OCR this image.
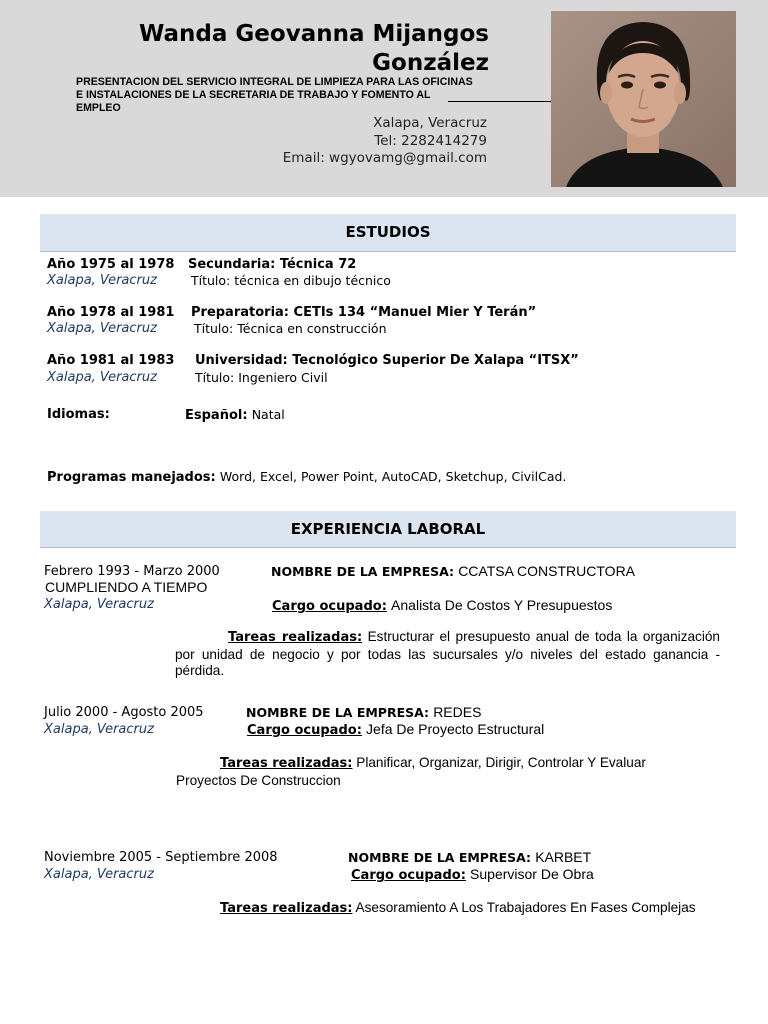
Wanda Geovanna Mijangos
González
PRESENTACION DEL SERVICIO INTEGRAL DE LIMPIEZA PARA LAS OFICINAS E INSTALACIONES DE LA SECRETARIA DE TRABAJO Y FOMENTO AL EMPLEO
Xalapa, Veracruz
Tel: 2282414279
Email: wgyovamg@gmail.com
ESTUDIOS
Año 1975 al 1978 Secundaria: Técnica 72
Xalapa, Veracruz	Título: técnica en dibujo técnico
Año 1978 al 1981 Preparatoria: CETIs 134 “Manuel Mier Y Terán”
Xalapa, Veracruz	Título: Técnica en construcción
Año 1981 al 1983 Universidad: Tecnológico Superior De Xalapa “ITSX”
Xalapa, Veracruz	Título: Ingeniero Civil
Idiomas:	Español: Natal
Programas manejados: Word, Excel, Power Point, AutoCAD, Sketchup, CivilCad.
EXPERIENCIA LABORAL
Febrero 1993 - Marzo 2000	NOMBRE DE LA EMPRESA: CCATSA CONSTRUCTORA
CUMPLIENDO A TIEMPO
Xalapa, Veracruz	Cargo ocupado: Analista De Costos Y Presupuestos
Tareas realizadas: Estructurar el presupuesto anual de toda la organización por unidad de negocio y por todas las sucursales y/o niveles del estado ganancia - pérdida.
Julio 2000 - Agosto 2005	NOMBRE DE LA EMPRESA: REDES
Xalapa, Veracruz	Cargo ocupado: Jefa De Proyecto Estructural
Tareas realizadas: Planificar, Organizar, Dirigir, Controlar Y Evaluar Proyectos De Construccion
Noviembre 2005 - Septiembre 2008	NOMBRE DE LA EMPRESA: KARBET
Xalapa, Veracruz	Cargo ocupado: Supervisor De Obra
Tareas realizadas: Asesoramiento A Los Trabajadores En Fases Complejas
